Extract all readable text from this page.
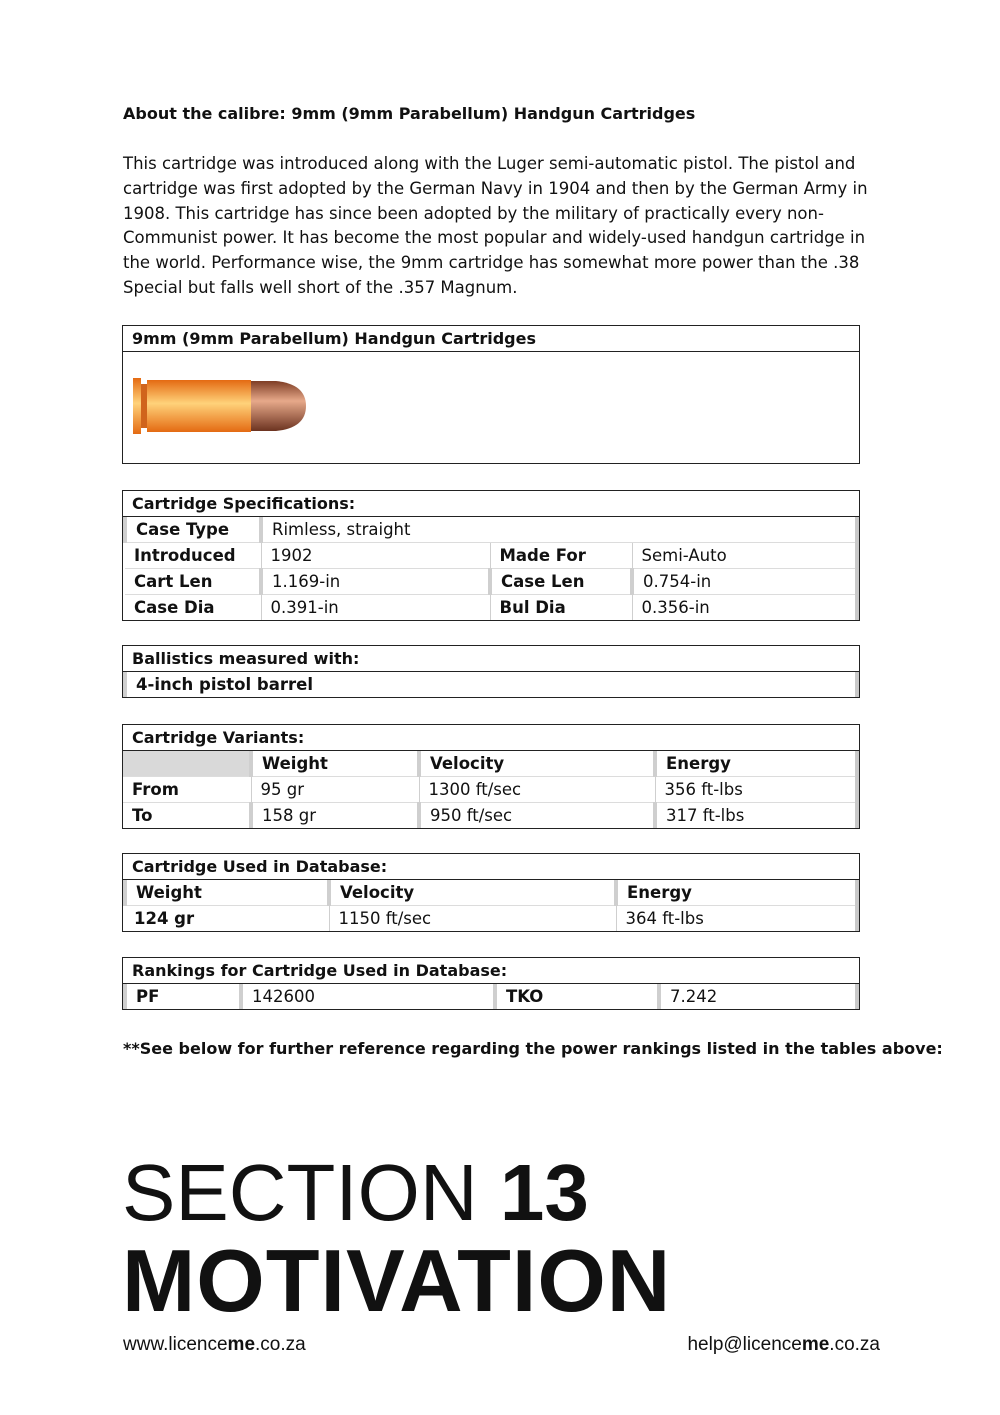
About the calibre: 9mm (9mm Parabellum) Handgun Cartridges
This cartridge was introduced along with the Luger semi-automatic pistol. The pistol and cartridge was first adopted by the German Navy in 1904 and then by the German Army in 1908. This cartridge has since been adopted by the military of practically every non-Communist power. It has become the most popular and widely-used handgun cartridge in the world. Performance wise, the 9mm cartridge has somewhat more power than the .38 Special but falls well short of the .357 Magnum.
9mm (9mm Parabellum) Handgun Cartridges
Cartridge Specifications:
Case Type	Rimless, straight		
Introduced	1902	Made For	Semi-Auto
Cart Len	1.169-in	Case Len	0.754-in
Case Dia	0.391-in	Bul Dia	0.356-in
Ballistics measured with:
4-inch pistol barrel
Cartridge Variants:
	Weight	Velocity	Energy
From	95 gr	1300 ft/sec	356 ft-lbs
To	158 gr	950 ft/sec	317 ft-lbs
Cartridge Used in Database:
Weight	Velocity	Energy
124 gr	1150 ft/sec	364 ft-lbs
Rankings for Cartridge Used in Database:
PF	142600	TKO	7.242
**See below for further reference regarding the power rankings listed in the tables above:
SECTION 13
MOTIVATION
www.licenceme.co.za	help@licenceme.co.za
